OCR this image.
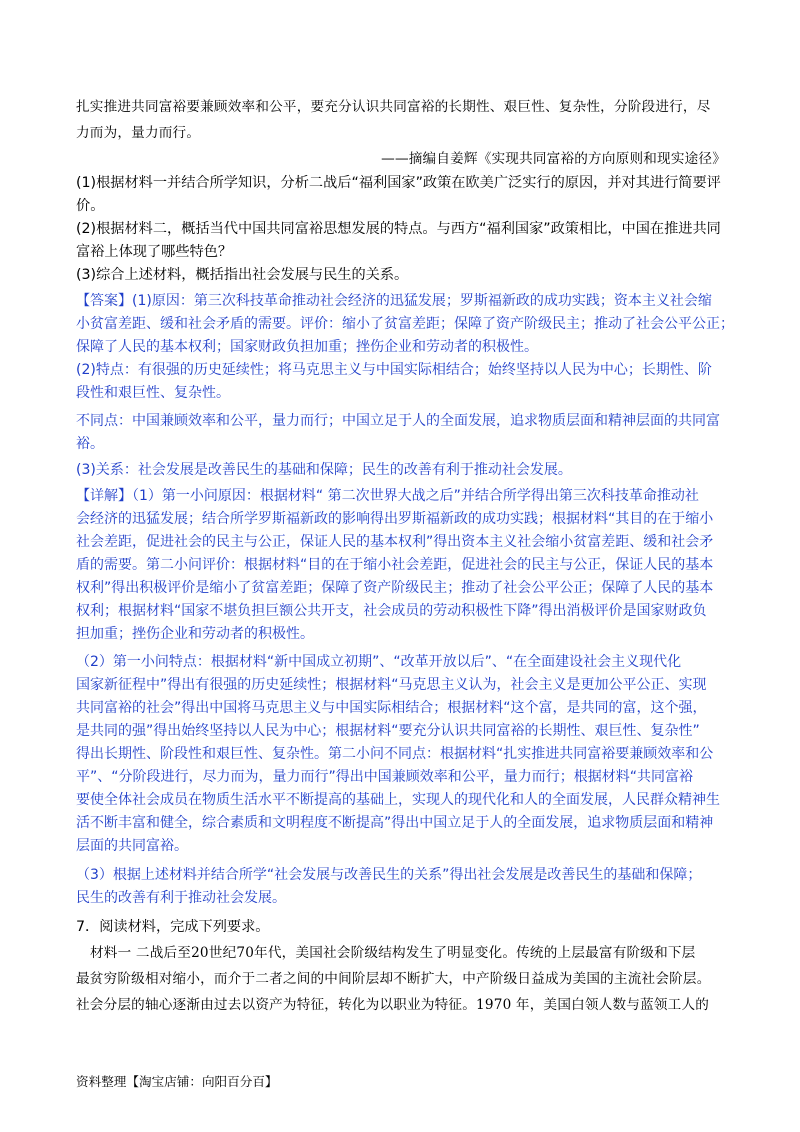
扎实推进共同富裕要兼顾效率和公平，要充分认识共同富裕的长期性、艰巨性、复杂性，分阶段进行，尽
力而为，量力而行。
——摘编自姜辉《实现共同富裕的方向原则和现实途径》
(1)根据材料一并结合所学知识，分析二战后“福利国家”政策在欧美广泛实行的原因，并对其进行简要评
价。
(2)根据材料二，概括当代中国共同富裕思想发展的特点。与西方“福利国家”政策相比，中国在推进共同
富裕上体现了哪些特色？
(3)综合上述材料，概括指出社会发展与民生的关系。
【答案】(1)原因：第三次科技革命推动社会经济的迅猛发展；罗斯福新政的成功实践；资本主义社会缩
小贫富差距、缓和社会矛盾的需要。评价：缩小了贫富差距；保障了资产阶级民主；推动了社会公平公正；
保障了人民的基本权利；国家财政负担加重；挫伤企业和劳动者的积极性。
(2)特点：有很强的历史延续性；将马克思主义与中国实际相结合；始终坚持以人民为中心；长期性、阶
段性和艰巨性、复杂性。
不同点：中国兼顾效率和公平，量力而行；中国立足于人的全面发展，追求物质层面和精神层面的共同富
裕。
(3)关系：社会发展是改善民生的基础和保障；民生的改善有利于推动社会发展。
【详解】（1）第一小问原因：根据材料“ 第二次世界大战之后”并结合所学得出第三次科技革命推动社
会经济的迅猛发展；结合所学罗斯福新政的影响得出罗斯福新政的成功实践；根据材料“其目的在于缩小
社会差距，促进社会的民主与公正，保证人民的基本权利”得出资本主义社会缩小贫富差距、缓和社会矛
盾的需要。第二小问评价：根据材料“目的在于缩小社会差距，促进社会的民主与公正，保证人民的基本
权利”得出积极评价是缩小了贫富差距；保障了资产阶级民主；推动了社会公平公正；保障了人民的基本
权利；根据材料“国家不堪负担巨额公共开支，社会成员的劳动积极性下降”得出消极评价是国家财政负
担加重；挫伤企业和劳动者的积极性。
（2）第一小问特点：根据材料“新中国成立初期”、“改革开放以后”、“在全面建设社会主义现代化
国家新征程中”得出有很强的历史延续性；根据材料“马克思主义认为，社会主义是更加公平公正、实现
共同富裕的社会”得出中国将马克思主义与中国实际相结合；根据材料“这个富，是共同的富，这个强，
是共同的强”得出始终坚持以人民为中心；根据材料“要充分认识共同富裕的长期性、艰巨性、复杂性”
得出长期性、阶段性和艰巨性、复杂性。第二小问不同点：根据材料“扎实推进共同富裕要兼顾效率和公
平”、“分阶段进行，尽力而为，量力而行”得出中国兼顾效率和公平，量力而行；根据材料“共同富裕
要使全体社会成员在物质生活水平不断提高的基础上，实现人的现代化和人的全面发展，人民群众精神生
活不断丰富和健全，综合素质和文明程度不断提高”得出中国立足于人的全面发展，追求物质层面和精神
层面的共同富裕。
（3）根据上述材料并结合所学“社会发展与改善民生的关系”得出社会发展是改善民生的基础和保障；
民生的改善有利于推动社会发展。
7．阅读材料，完成下列要求。
材料一 二战后至20世纪70年代，美国社会阶级结构发生了明显变化。传统的上层最富有阶级和下层
最贫穷阶级相对缩小，而介于二者之间的中间阶层却不断扩大，中产阶级日益成为美国的主流社会阶层。
社会分层的轴心逐渐由过去以资产为特征，转化为以职业为特征。1970 年，美国白领人数与蓝领工人的
资料整理【淘宝店铺：向阳百分百】
